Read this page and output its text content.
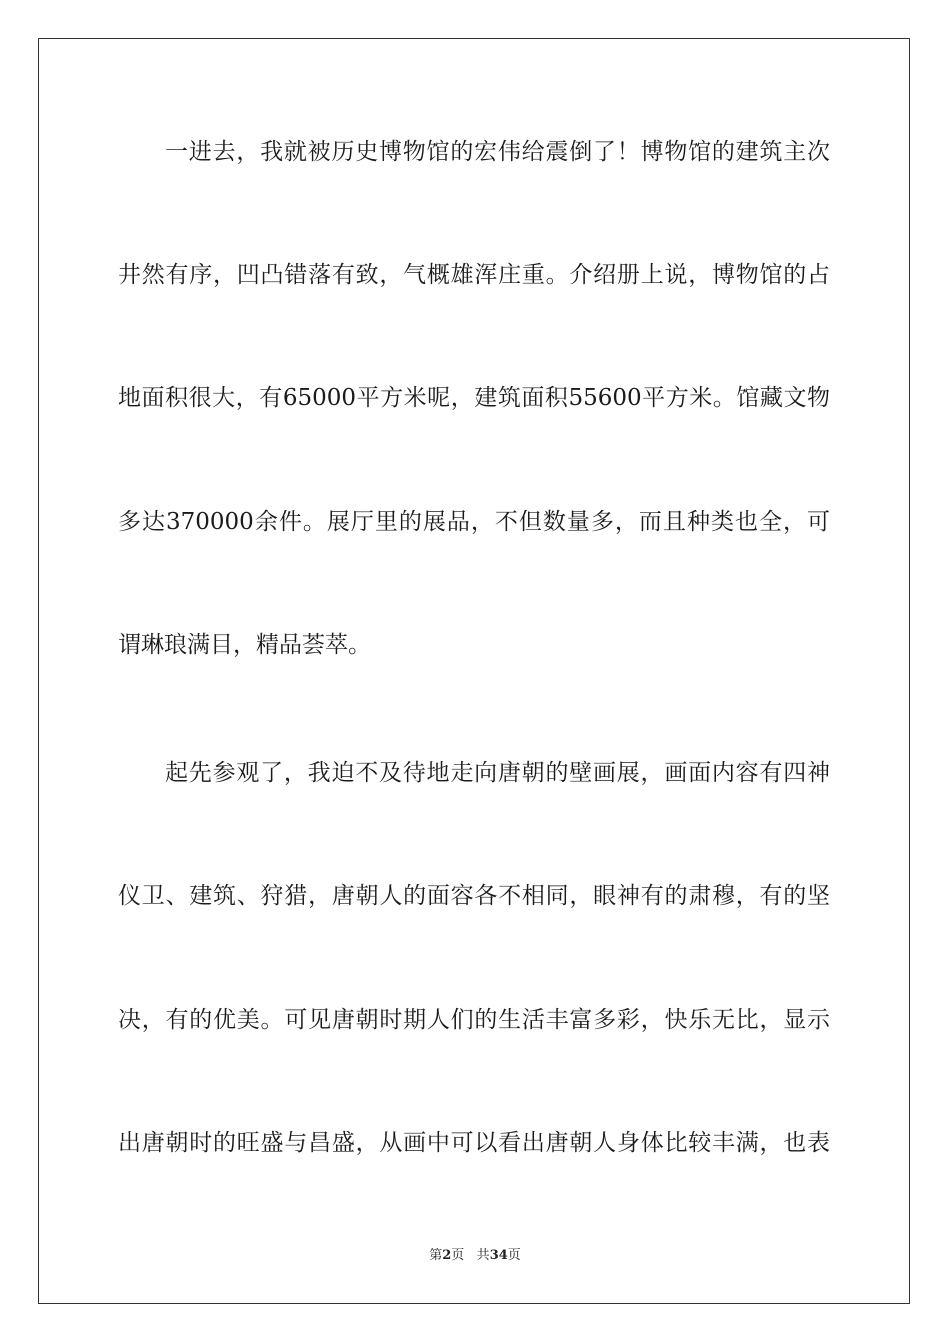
一进去，我就被历史博物馆的宏伟给震倒了！博物馆的建筑主次
井然有序，凹凸错落有致，气概雄浑庄重。介绍册上说，博物馆的占
地面积很大，有65000平方米呢，建筑面积55600平方米。馆藏文物
多达370000余件。展厅里的展品，不但数量多，而且种类也全，可
谓琳琅满目，精品荟萃。
起先参观了，我迫不及待地走向唐朝的壁画展，画面内容有四神
仪卫、建筑、狩猎，唐朝人的面容各不相同，眼神有的肃穆，有的坚
决，有的优美。可见唐朝时期人们的生活丰富多彩，快乐无比，显示
出唐朝时的旺盛与昌盛，从画中可以看出唐朝人身体比较丰满，也表
第2页 共34页
